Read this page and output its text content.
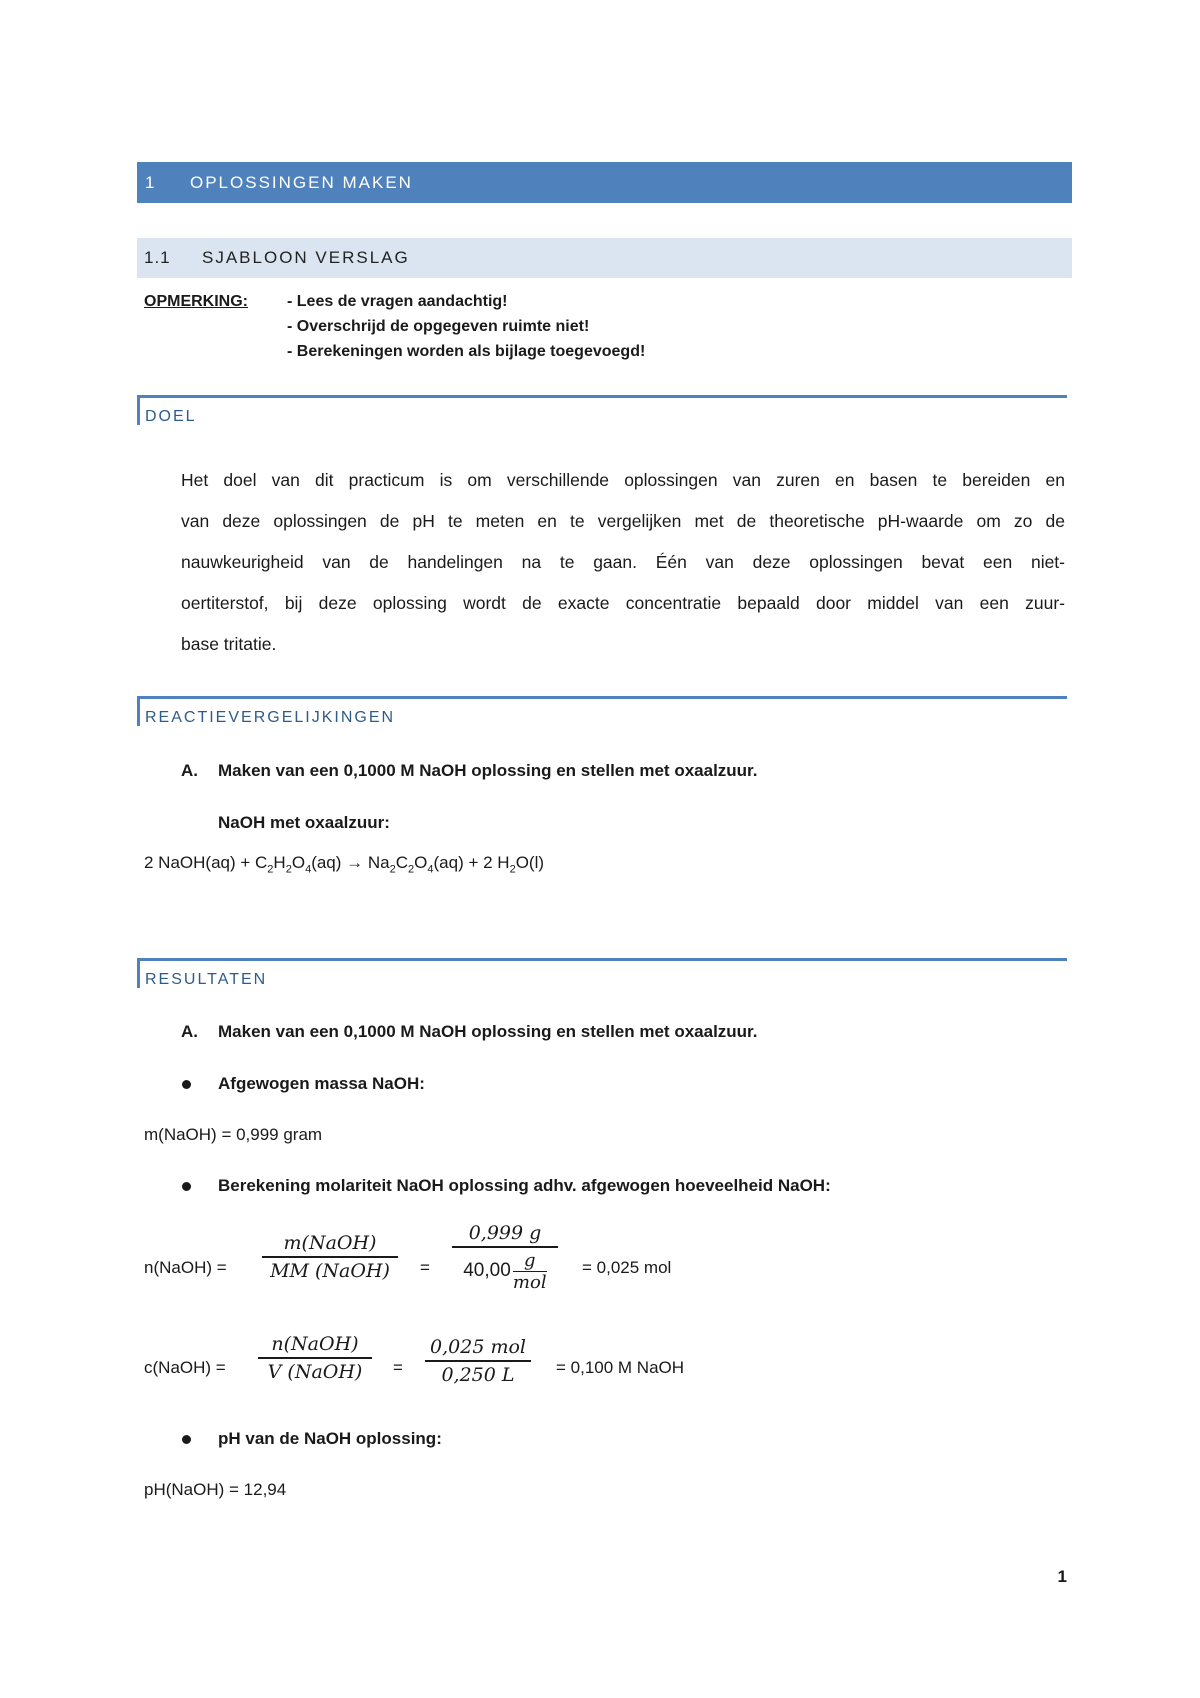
1	OPLOSSINGEN MAKEN
1.1	SJABLOON VERSLAG
OPMERKING: - Lees de vragen aandachtig!
- Overschrijd de opgegeven ruimte niet!
- Berekeningen worden als bijlage toegevoegd!
DOEL
Het doel van dit practicum is om verschillende oplossingen van zuren en basen te bereiden en
van deze oplossingen de pH te meten en te vergelijken met de theoretische pH-waarde om zo de
nauwkeurigheid van de handelingen na te gaan. Één van deze oplossingen bevat een niet-
oertiterstof, bij deze oplossing wordt de exacte concentratie bepaald door middel van een zuur-
base tritatie.
REACTIEVERGELIJKINGEN
A. Maken van een 0,1000 M NaOH oplossing en stellen met oxaalzuur.
NaOH met oxaalzuur:
2 NaOH(aq) + $C_2H_2O_4(aq) \to Na_2C_2O_4(aq) + 2$ $H_2O(l)$
RESULTATEN
A. Maken van een 0,1000 M NaOH oplossing en stellen met oxaalzuur.
Afgewogen massa NaOH:
m(NaOH) = 0,999 gram
Berekening molariteit NaOH oplossing adhv. afgewogen hoeveelheid NaOH:
n(NaOH) =
m(NaOH)
MM (NaOH) =
0,999 g
40,00
g
mol
= 0,025 mol
c(NaOH) =
n(NaOH)
V (NaOH) =
0,025 mol
0,250 L = 0,100 M NaOH
pH van de NaOH oplossing:
pH(NaOH) = 12,94
1
